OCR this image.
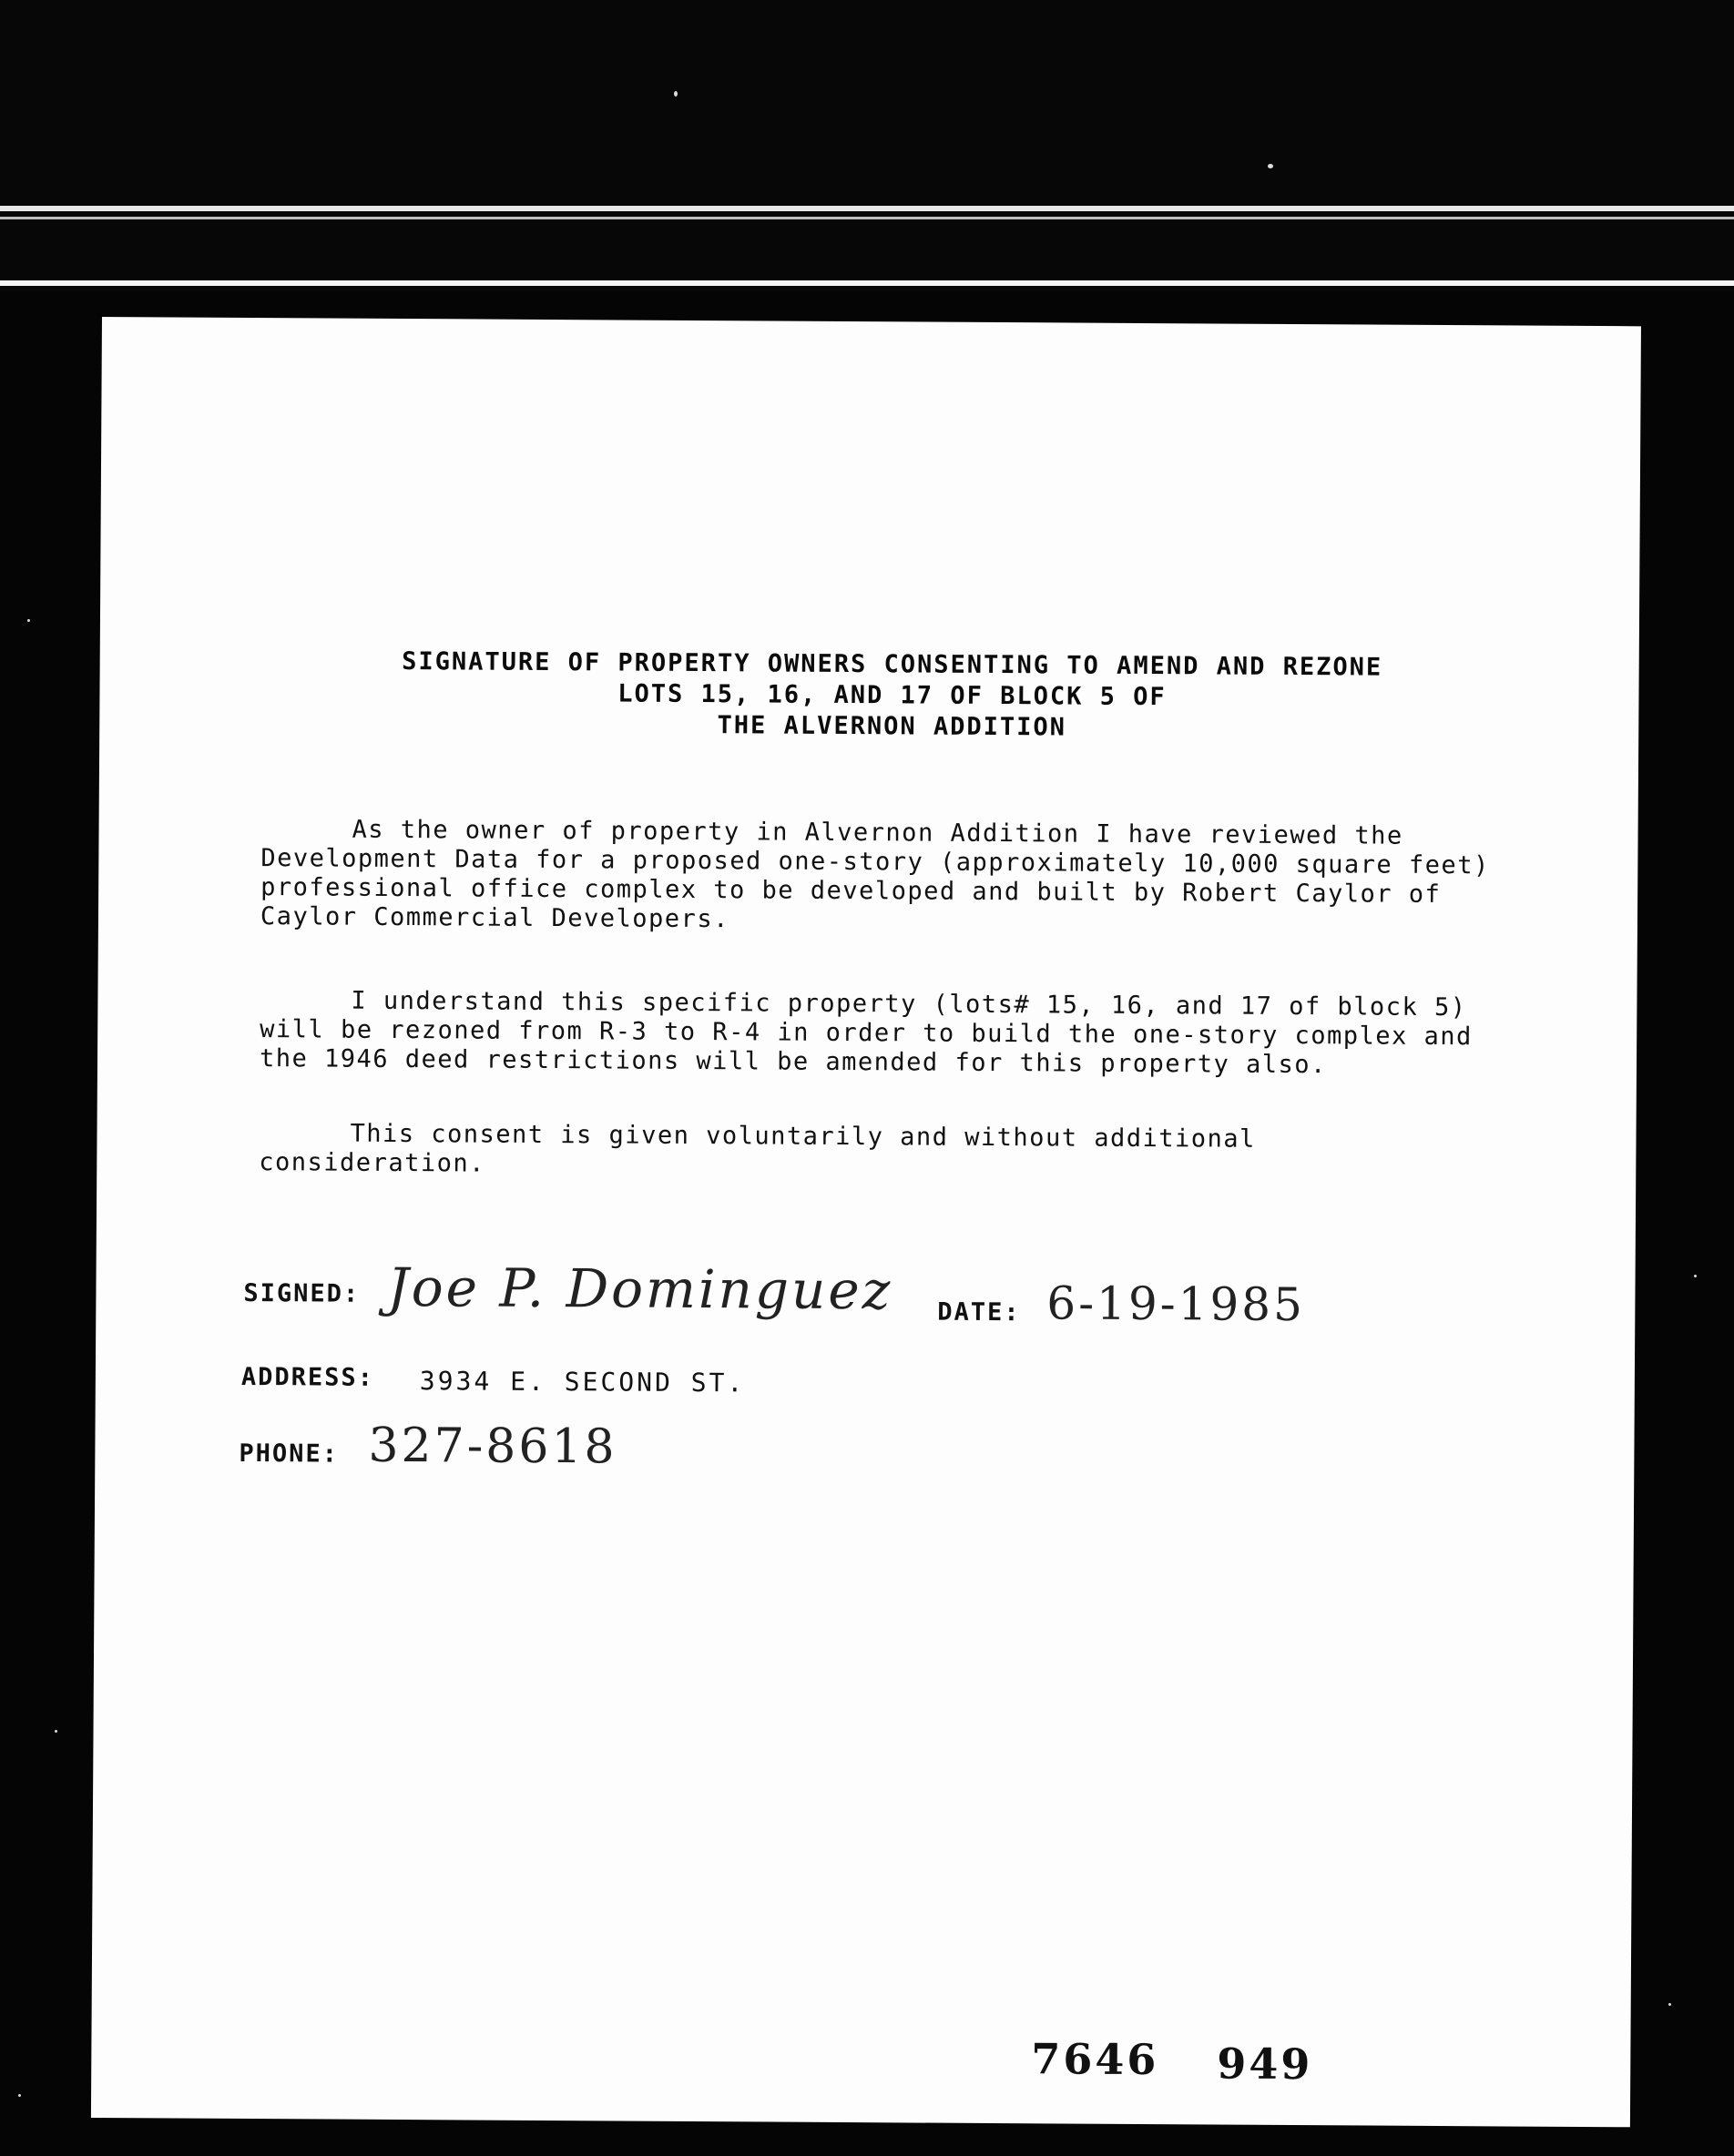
SIGNATURE OF PROPERTY OWNERS CONSENTING TO AMEND AND REZONE
LOTS 15, 16, AND 17 OF BLOCK 5 OF
THE ALVERNON ADDITION

As the owner of property in Alvernon Addition I have reviewed the Development Data for a proposed one-story (approximately 10,000 square feet) professional office complex to be developed and built by Robert Caylor of Caylor Commercial Developers.

I understand this specific property (lots# 15, 16, and 17 of block 5) will be rezoned from R-3 to R-4 in order to build the one-story complex and the 1946 deed restrictions will be amended for this property also.

This consent is given voluntarily and without additional consideration.

SIGNED: Joe P. Dominguez DATE: 6-19-1985
ADDRESS: 3934 E. SECOND ST.
PHONE: 327-8618
7646 949
